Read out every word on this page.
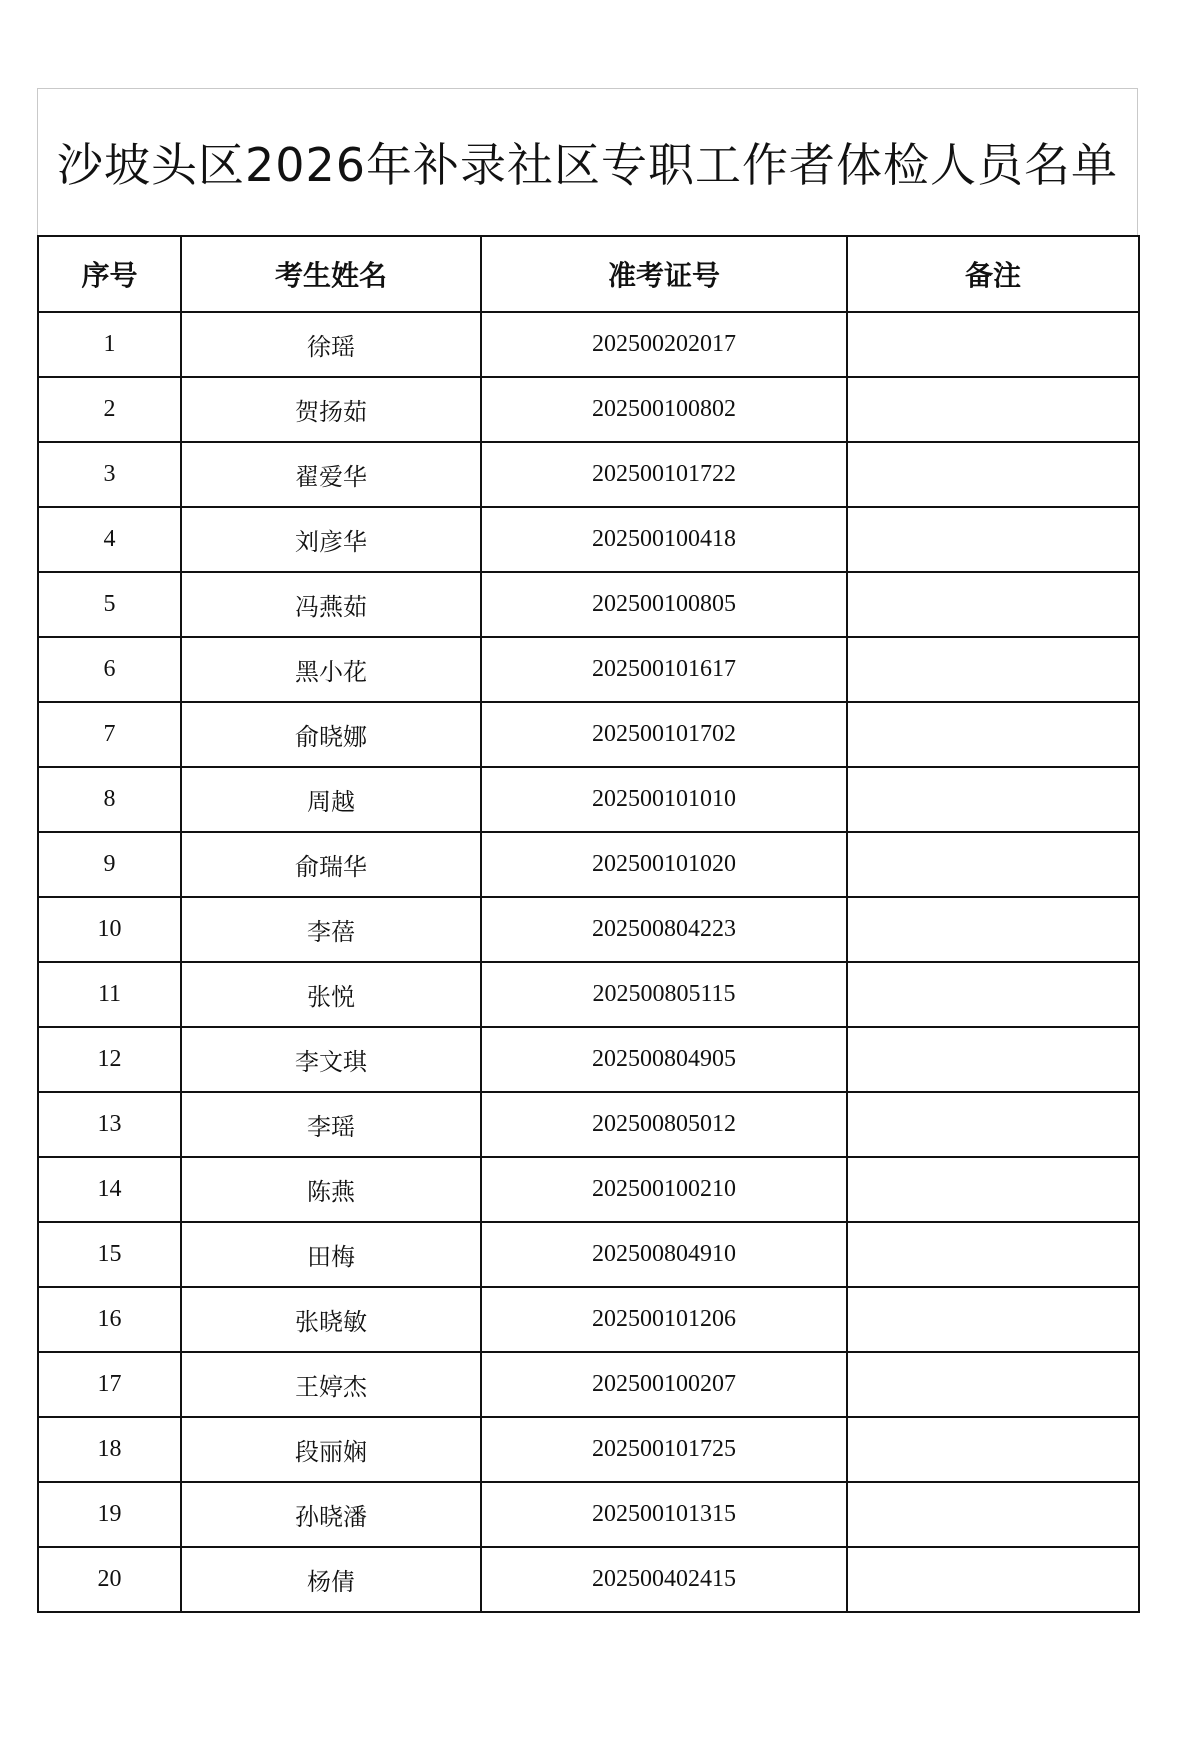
沙坡头区2026年补录社区专职工作者体检人员名单
序号	考生姓名	准考证号	备注
1	徐瑶	202500202017	
2	贺扬茹	202500100802	
3	翟爱华	202500101722	
4	刘彦华	202500100418	
5	冯燕茹	202500100805	
6	黑小花	202500101617	
7	俞晓娜	202500101702	
8	周越	202500101010	
9	俞瑞华	202500101020	
10	李蓓	202500804223	
11	张悦	202500805115	
12	李文琪	202500804905	
13	李瑶	202500805012	
14	陈燕	202500100210	
15	田梅	202500804910	
16	张晓敏	202500101206	
17	王婷杰	202500100207	
18	段丽娴	202500101725	
19	孙晓潘	202500101315	
20	杨倩	202500402415	
